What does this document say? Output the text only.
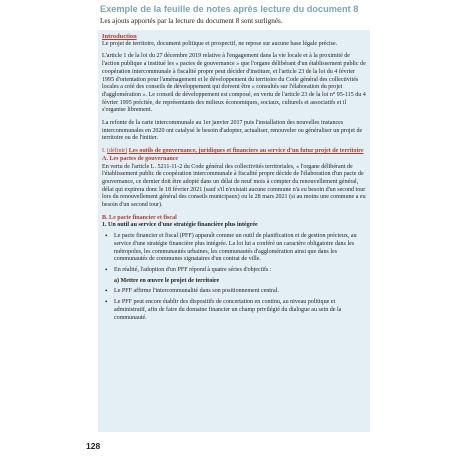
Exemple de la feuille de notes après lecture du document 8
Les ajouts apportés par la lecture du document 8 sont surlignés.

Introduction

Le projet de territoire, document politique et prospectif, ne repose sur aucune base légale précise.

L'article 1 de la loi du 27 décembre 2019 relative à l'engagement dans la vie locale et à la proximité de l'action publique a institué les « pactes de gouvernance » que l'organe délibérant d'un établissement public de coopération intercommunale à fiscalité propre peut décider d'instituer, et l'article 23 de la loi du 4 février 1995 d'orientation pour l'aménagement et le développement du territoire du Code général des collectivités locales a créé des conseils de développement qui doivent être « consultés sur l'élaboration du projet d'agglomération ». Le conseil de développement est composé, en vertu de l'article 23 de la loi n° 95-115 du 4 février 1995 précitée, de représentants des milieux économiques, sociaux, culturels et associatifs et il s'organise librement.

La refonte de la carte intercommunale au 1er janvier 2017 puis l'installation des nouvelles instances intercommunales en 2020 ont catalysé le besoin d'adopter, actualiser, renouveler ou généraliser un projet de territoire ou de l'initier.

I. (définir) Les outils de gouvernance, juridiques et financiers au service d'un futur projet de territoire

A. Les pactes de gouvernance

En vertu de l'article L. 5211-11-2 du Code général des collectivités territoriales, « l'organe délibérant de l'établissement public de coopération intercommunale à fiscalité propre décide de l'élaboration d'un pacte de gouvernance, ce dernier doit être adopté dans un délai de neuf mois à compter du renouvellement général, délai qui expirera donc le 18 février 2021 (sauf s'il n'existait aucune commune n'a eu besoin d'un second tour lors du renouvellement général des conseils municipaux) ou le 28 mars 2021 (si au moins une commune a eu besoin d'un second tour).

B. Le pacte financier et fiscal

1. Un outil au service d'une stratégie financière plus intégrée

• Le pacte financier et fiscal (PFF) apparaît comme un outil de planification et de gestion précieux, au service d'une stratégie financière plus intégrée. La loi lui a conféré un caractère obligatoire dans les métropoles, les communautés urbaines, les communautés d'agglomération ainsi que dans les communautés de communes signataires d'un contrat de ville.

• En réalité, l'adoption d'un PFF répond à quatre séries d'objectifs :

a) Mettre en œuvre le projet de territoire

• Le PFF affirme l'intercommunalité dans son positionnement central.

• Le PFF peut encore établir des dispositifs de concertation en continu, au niveau politique et administratif, afin de faire du domaine financier un champ privilégié du dialogue au sein de la communauté.

128
